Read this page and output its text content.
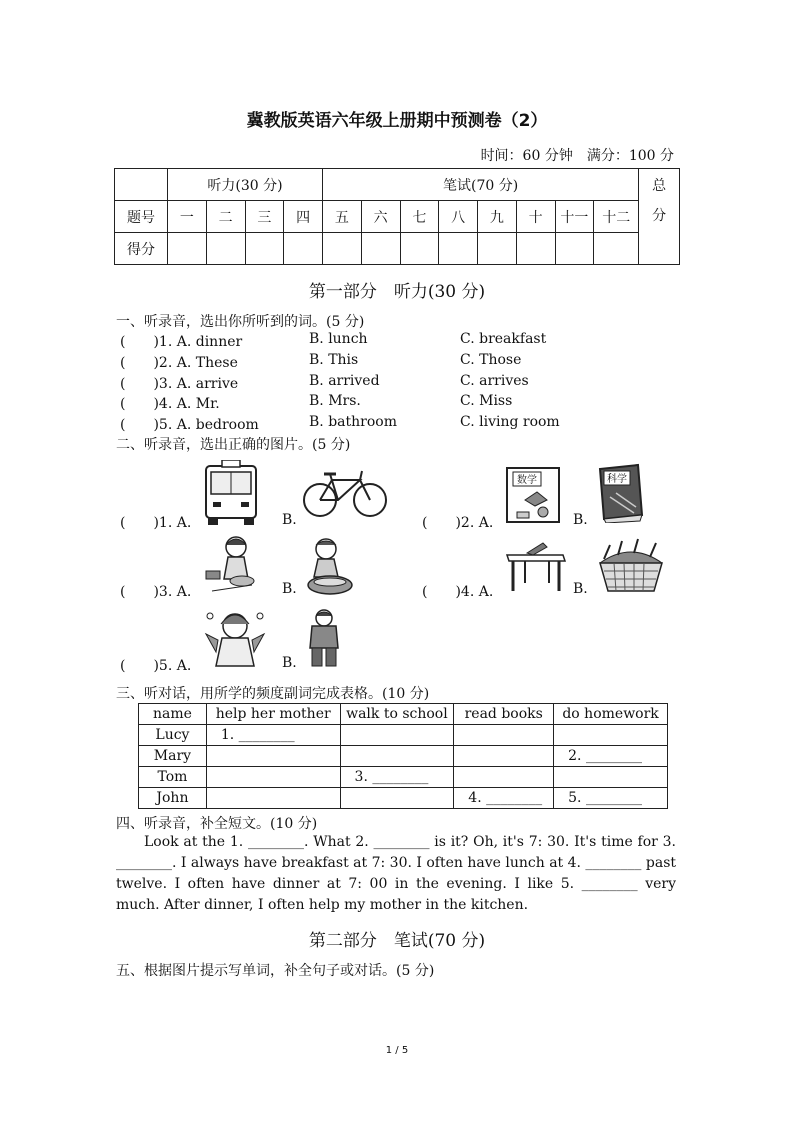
冀教版英语六年级上册期中预测卷（2）
时间：60 分钟　满分：100 分
	听力(30 分)				笔试(70 分)								总
分
题号	一	二	三	四	五	六	七	八	九	十	十一	十二	
得分													
第一部分　听力(30 分)
一、听录音，选出你所听到的词。(5 分)
(　　)1. A. dinner	B. lunch	C. breakfast
(　　)2. A. These	B. This	C. Those
(　　)3. A. arrive	B. arrived	C. arrives
(　　)4. A. Mr.	B. Mrs.	C. Miss
(　　)5. A. bedroom	B. bathroom	C. living room
二、听录音，选出正确的图片。(5 分)
(　　)1. A.	B.	(　　)2. A.
数学
B.
科学
(　　)3. A.	B.	(　　)4. A.	B.
(　　)5. A.	B.
三、听对话，用所学的频度副词完成表格。(10 分)
name	help her mother	walk to school	read books	do homework
Lucy	1. ________			
Mary				2. ________
Tom		3. ________		
John			4. ________	5. ________
四、听录音，补全短文。(10 分)

Look at the 1. ________. What 2. ________ is it? Oh, it's 7: 30. It's time for 3. ________. I always have breakfast at 7: 30. I often have lunch at 4. ________ past twelve. I often have dinner at 7: 00 in the evening. I like 5. ________ very much. After dinner, I often help my mother in the kitchen.

第二部分　笔试(70 分)
五、根据图片提示写单词，补全句子或对话。(5 分)
1 / 5
